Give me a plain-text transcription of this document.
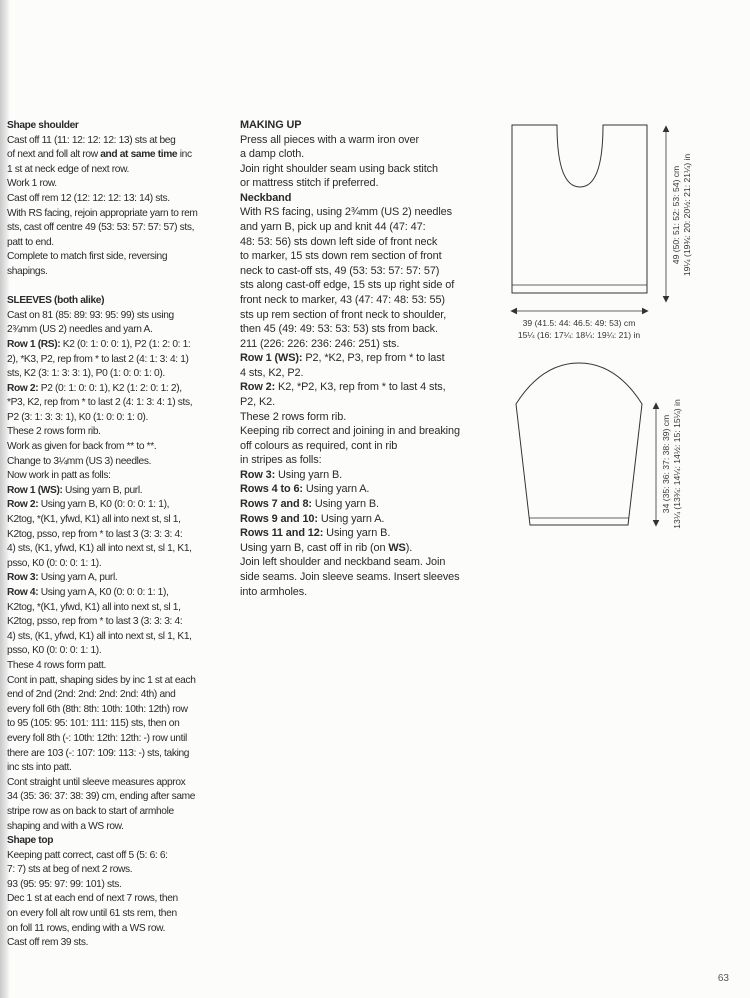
Shape shoulder

Cast off 11 (11: 12: 12: 12: 13) sts at beg

of next and foll alt row and at same time inc

1 st at neck edge of next row.

Work 1 row.

Cast off rem 12 (12: 12: 12: 13: 14) sts.

With RS facing, rejoin appropriate yarn to rem

sts, cast off centre 49 (53: 53: 57: 57: 57) sts,

patt to end.

Complete to match first side, reversing

shapings.

SLEEVES (both alike)

Cast on 81 (85: 89: 93: 95: 99) sts using

2¾mm (US 2) needles and yarn A.

Row 1 (RS): K2 (0: 1: 0: 0: 1), P2 (1: 2: 0: 1:

2), *K3, P2, rep from * to last 2 (4: 1: 3: 4: 1)

sts, K2 (3: 1: 3: 3: 1), P0 (1: 0: 0: 1: 0).

Row 2: P2 (0: 1: 0: 0: 1), K2 (1: 2: 0: 1: 2),

*P3, K2, rep from * to last 2 (4: 1: 3: 4: 1) sts,

P2 (3: 1: 3: 3: 1), K0 (1: 0: 0: 1: 0).

These 2 rows form rib.

Work as given for back from ** to **.

Change to 3¼mm (US 3) needles.

Now work in patt as folls:

Row 1 (WS): Using yarn B, purl.

Row 2: Using yarn B, K0 (0: 0: 0: 1: 1),

K2tog, *(K1, yfwd, K1) all into next st, sl 1,

K2tog, psso, rep from * to last 3 (3: 3: 3: 4:

4) sts, (K1, yfwd, K1) all into next st, sl 1, K1,

psso, K0 (0: 0: 0: 1: 1).

Row 3: Using yarn A, purl.

Row 4: Using yarn A, K0 (0: 0: 0: 1: 1),

K2tog, *(K1, yfwd, K1) all into next st, sl 1,

K2tog, psso, rep from * to last 3 (3: 3: 3: 4:

4) sts, (K1, yfwd, K1) all into next st, sl 1, K1,

psso, K0 (0: 0: 0: 1: 1).

These 4 rows form patt.

Cont in patt, shaping sides by inc 1 st at each

end of 2nd (2nd: 2nd: 2nd: 2nd: 4th) and

every foll 6th (8th: 8th: 10th: 10th: 12th) row

to 95 (105: 95: 101: 111: 115) sts, then on

every foll 8th (-: 10th: 12th: 12th: -) row until

there are 103 (-: 107: 109: 113: -) sts, taking

inc sts into patt.

Cont straight until sleeve measures approx

34 (35: 36: 37: 38: 39) cm, ending after same

stripe row as on back to start of armhole

shaping and with a WS row.

Shape top

Keeping patt correct, cast off 5 (5: 6: 6:

7: 7) sts at beg of next 2 rows.

93 (95: 95: 97: 99: 101) sts.

Dec 1 st at each end of next 7 rows, then

on every foll alt row until 61 sts rem, then

on foll 11 rows, ending with a WS row.

Cast off rem 39 sts.

MAKING UP

Press all pieces with a warm iron over

a damp cloth.

Join right shoulder seam using back stitch

or mattress stitch if preferred.

Neckband

With RS facing, using 2¾mm (US 2) needles

and yarn B, pick up and knit 44 (47: 47:

48: 53: 56) sts down left side of front neck

to marker, 15 sts down rem section of front

neck to cast-off sts, 49 (53: 53: 57: 57: 57)

sts along cast-off edge, 15 sts up right side of

front neck to marker, 43 (47: 47: 48: 53: 55)

sts up rem section of front neck to shoulder,

then 45 (49: 49: 53: 53: 53) sts from back.

211 (226: 226: 236: 246: 251) sts.

Row 1 (WS): P2, *K2, P3, rep from * to last

4 sts, K2, P2.

Row 2: K2, *P2, K3, rep from * to last 4 sts,

P2, K2.

These 2 rows form rib.

Keeping rib correct and joining in and breaking

off colours as required, cont in rib

in stripes as folls:

Row 3: Using yarn B.

Rows 4 to 6: Using yarn A.

Rows 7 and 8: Using yarn B.

Rows 9 and 10: Using yarn A.

Rows 11 and 12: Using yarn B.

Using yarn B, cast off in rib (on WS).

Join left shoulder and neckband seam. Join

side seams. Join sleeve seams. Insert sleeves

into armholes.

49 (50: 51: 52: 53: 54) cm 19¼ (19¾: 20: 20½: 21: 21¼) in
39 (41.5: 44: 46.5: 49: 53) cm
15¼ (16: 17¼: 18¼: 19¼: 21) in
34 (35: 36: 37: 38: 39) cm 13¼ (13¾: 14¼: 14½: 15: 15¼) in
63
